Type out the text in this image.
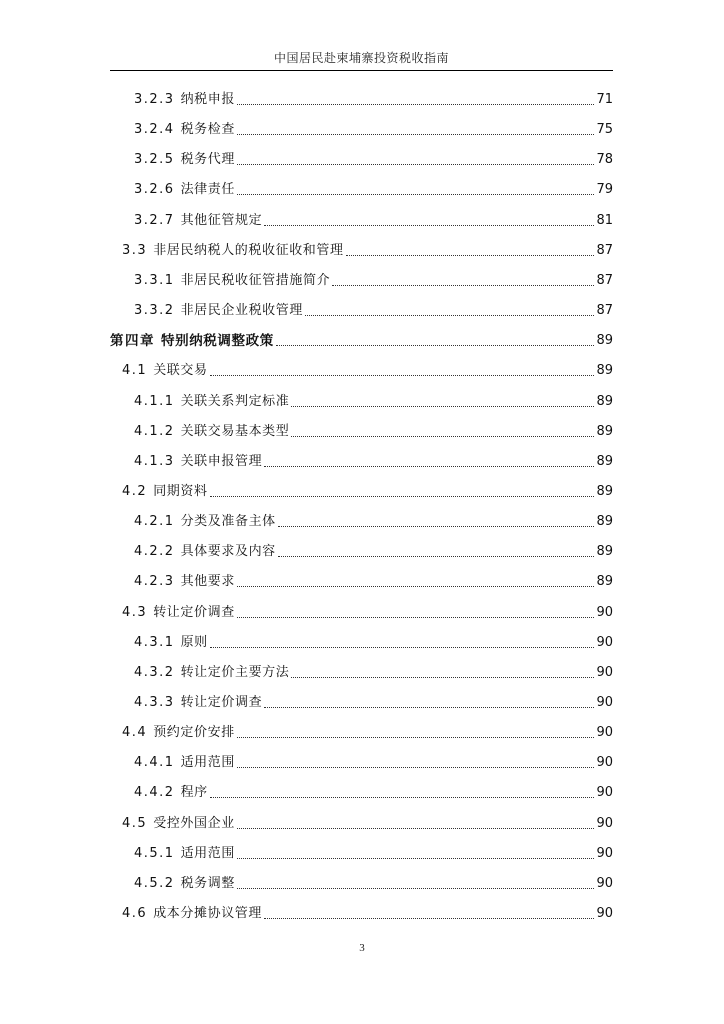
中国居民赴柬埔寨投资税收指南
3.2.3 纳税申报	71
3.2.4 税务检查	75
3.2.5 税务代理	78
3.2.6 法律责任	79
3.2.7 其他征管规定	81
3.3 非居民纳税人的税收征收和管理	87
3.3.1 非居民税收征管措施简介	87
3.3.2 非居民企业税收管理	87
第四章 特别纳税调整政策	89
4.1 关联交易	89
4.1.1 关联关系判定标准	89
4.1.2 关联交易基本类型	89
4.1.3 关联申报管理	89
4.2 同期资料	89
4.2.1 分类及准备主体	89
4.2.2 具体要求及内容	89
4.2.3 其他要求	89
4.3 转让定价调查	90
4.3.1 原则	90
4.3.2 转让定价主要方法	90
4.3.3 转让定价调查	90
4.4 预约定价安排	90
4.4.1 适用范围	90
4.4.2 程序	90
4.5 受控外国企业	90
4.5.1 适用范围	90
4.5.2 税务调整	90
4.6 成本分摊协议管理	90
3
